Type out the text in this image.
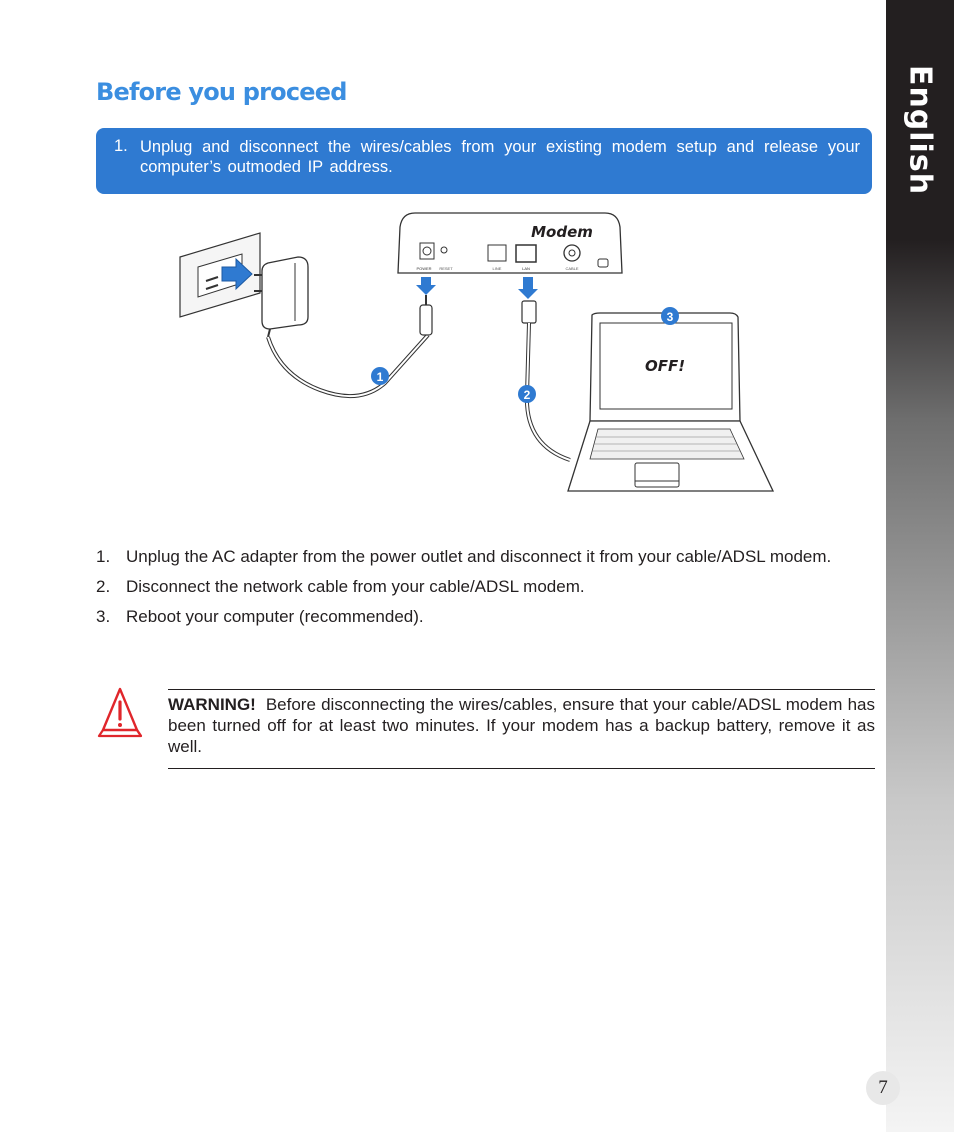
English
Before you proceed
1. Unplug and disconnect the wires/cables from your existing modem setup and release your computer’s outmoded IP address.
Modem
POWER RESET	LINE	LAN	CABLE
OFF!
1
2
3
1. Unplug the AC adapter from the power outlet and disconnect it from your cable/ADSL modem.
2. Disconnect the network cable from your cable/ADSL modem.
3. Reboot your computer (recommended).
WARNING! Before disconnecting the wires/cables, ensure that your cable/ADSL modem has been turned off for at least two minutes. If your modem has a backup battery, remove it as well.
7
